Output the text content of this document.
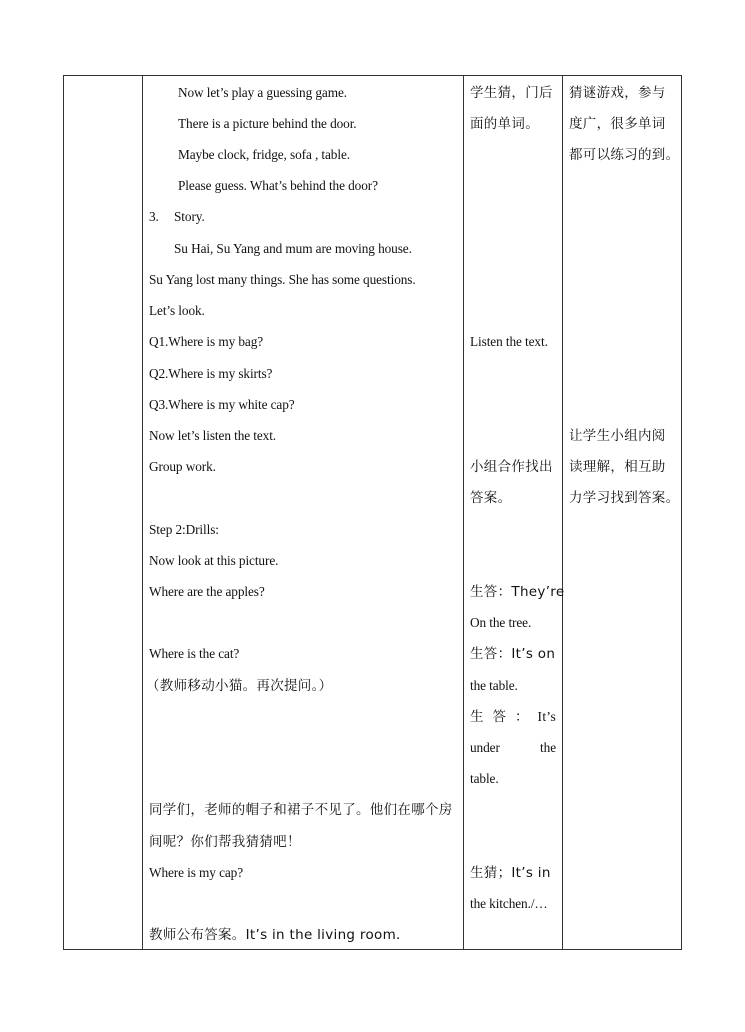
Now let’s play a guessing game.
There is a picture behind the door.
Maybe clock, fridge, sofa , table.
Please guess. What’s behind the door?
3. Story.
Su Hai, Su Yang and mum are moving house.
Su Yang lost many things. She has some questions.
Let’s look.
Q1.Where is my bag?
Q2.Where is my skirts?
Q3.Where is my white cap?
Now let’s listen the text.
Group work.
Step 2:Drills:
Now look at this picture.
Where are the apples?
Where is the cat?
（教师移动小猫。再次提问。）
同学们，老师的帽子和裙子不见了。他们在哪个房
间呢？你们帮我猜猜吧！
Where is my cap?
教师公布答案。It’s in the living room.
学生猜，门后
面的单词。
Listen the text.
小组合作找出
答案。
生答：They’re
On the tree.
生答：It’s on
the table.
生 答 ： It’s
under	the
table.
生猜；It’s in
the kitchen./…
猜谜游戏，参与
度广，很多单词
都可以练习的到。
让学生小组内阅
读理解，相互助
力学习找到答案。
